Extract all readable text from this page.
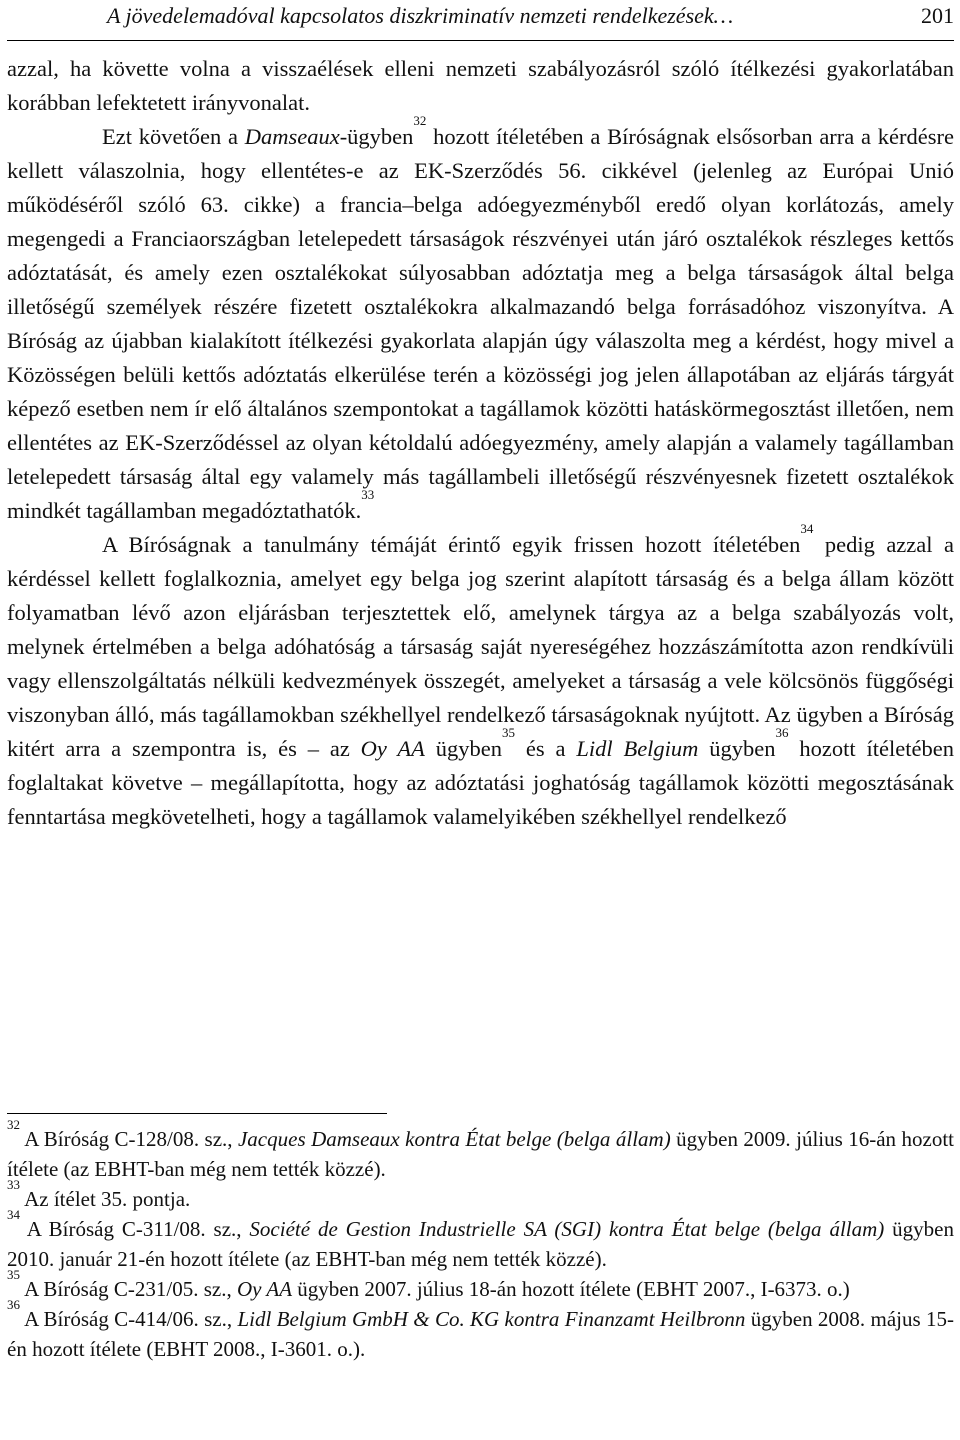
A jövedelemadóval kapcsolatos diszkriminatív nemzeti rendelkezések…	201

azzal, ha követte volna a visszaélések elleni nemzeti szabályozásról szóló ítélkezési gyakorlatában korábban lefektetett irányvonalat.

Ezt követően a Damseaux-ügyben$^{32}$ hozott ítéletében a Bíróságnak elsősorban arra a kérdésre kellett válaszolnia, hogy ellentétes-e az EK-Szerződés 56. cikkével (jelenleg az Európai Unió működéséről szóló 63. cikke) a francia–belga adóegyezményből eredő olyan korlátozás, amely megengedi a Franciaországban letelepedett társaságok részvényei után járó osztalékok részleges kettős adóztatását, és amely ezen osztalékokat súlyosabban adóztatja meg a belga társaságok által belga illetőségű személyek részére fizetett osztalékokra alkalmazandó belga forrásadóhoz viszonyítva. A Bíróság az újabban kialakított ítélkezési gyakorlata alapján úgy válaszolta meg a kérdést, hogy mivel a Közösségen belüli kettős adóztatás elkerülése terén a közösségi jog jelen állapotában az eljárás tárgyát képező esetben nem ír elő általános szempontokat a tagállamok közötti hatáskörmegosztást illetően, nem ellentétes az EK-Szerződéssel az olyan kétoldalú adóegyezmény, amely alapján a valamely tagállamban letelepedett társaság által egy valamely más tagállambeli illetőségű részvényesnek fizetett osztalékok mindkét tagállamban megadóztathatók.$^{33}$

A Bíróságnak a tanulmány témáját érintő egyik frissen hozott ítéletében$^{34}$ pedig azzal a kérdéssel kellett foglalkoznia, amelyet egy belga jog szerint alapított társaság és a belga állam között folyamatban lévő azon eljárásban terjesztettek elő, amelynek tárgya az a belga szabályozás volt, melynek értelmében a belga adóhatóság a társaság saját nyereségéhez hozzászámította azon rendkívüli vagy ellenszolgáltatás nélküli kedvezmények összegét, amelyeket a társaság a vele kölcsönös függőségi viszonyban álló, más tagállamokban székhellyel rendelkező társaságoknak nyújtott. Az ügyben a Bíróság kitért arra a szempontra is, és – az Oy AA ügyben$^{35}$ és a Lidl Belgium ügyben$^{36}$ hozott ítéletében foglaltakat követve – megállapította, hogy az adóztatási joghatóság tagállamok közötti megosztásának fenntartása megkövetelheti, hogy a tagállamok valamelyikében székhellyel rendelkező

$^{32}$ A Bíróság C-128/08. sz., Jacques Damseaux kontra État belge (belga állam) ügyben 2009. július 16-án hozott ítélete (az EBHT-ban még nem tették közzé).

$^{33}$ Az ítélet 35. pontja.

$^{34}$ A Bíróság C-311/08. sz., Société de Gestion Industrielle SA (SGI) kontra État belge (belga állam) ügyben 2010. január 21-én hozott ítélete (az EBHT-ban még nem tették közzé).

$^{35}$ A Bíróság C-231/05. sz., Oy AA ügyben 2007. július 18-án hozott ítélete (EBHT 2007., I-6373. o.)

$^{36}$ A Bíróság C-414/06. sz., Lidl Belgium GmbH & Co. KG kontra Finanzamt Heilbronn ügyben 2008. május 15-én hozott ítélete (EBHT 2008., I-3601. o.).
